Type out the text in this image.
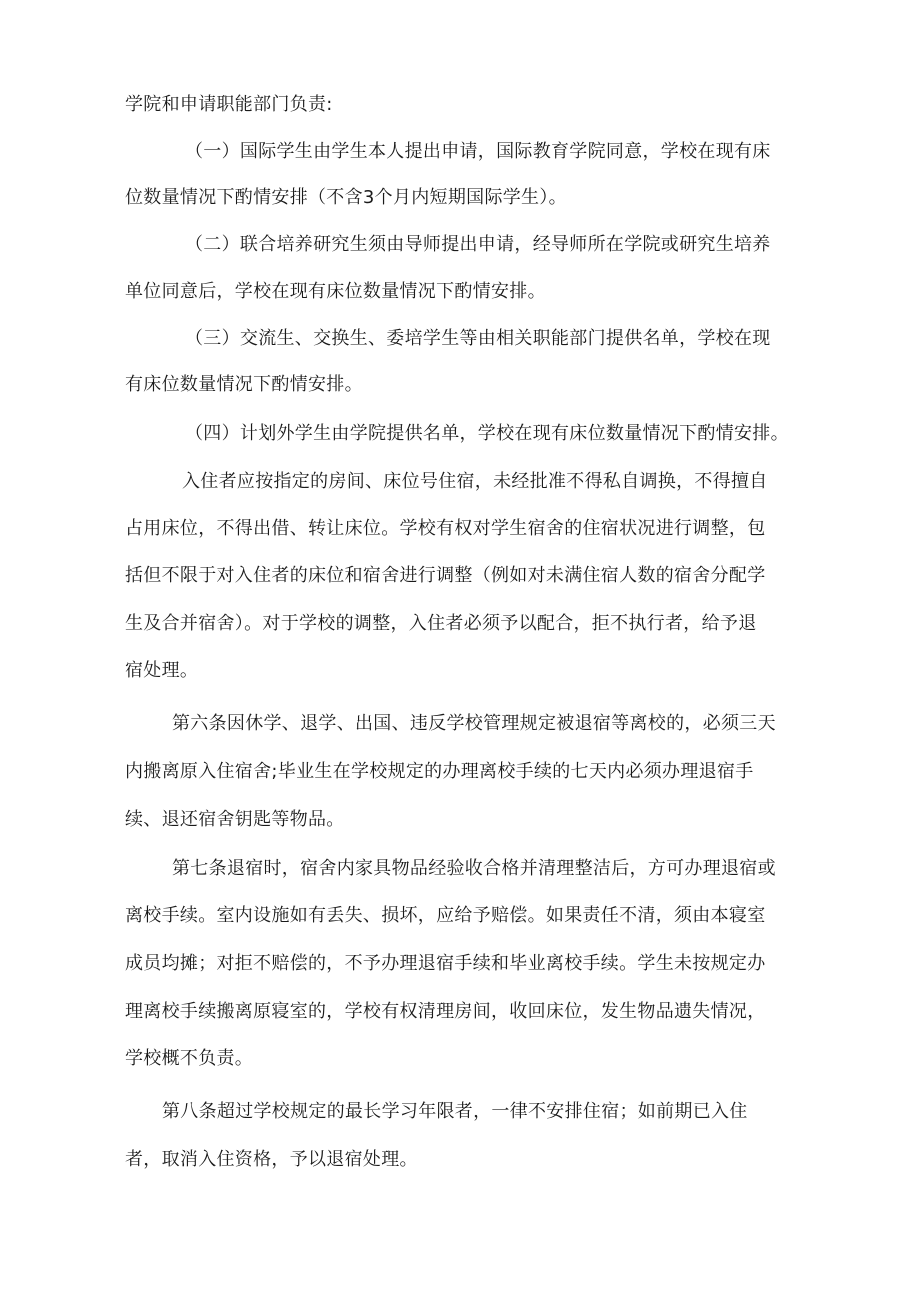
学院和申请职能部门负责:

（一）国际学生由学生本人提出申请，国际教育学院同意，学校在现有床

位数量情况下酌情安排（不含3个月内短期国际学生）。

（二）联合培养研究生须由导师提出申请，经导师所在学院或研究生培养

单位同意后，学校在现有床位数量情况下酌情安排。

（三）交流生、交换生、委培学生等由相关职能部门提供名单，学校在现

有床位数量情况下酌情安排。

（四）计划外学生由学院提供名单，学校在现有床位数量情况下酌情安排。

入住者应按指定的房间、床位号住宿，未经批准不得私自调换，不得擅自

占用床位，不得出借、转让床位。学校有权对学生宿舍的住宿状况进行调整，包

括但不限于对入住者的床位和宿舍进行调整（例如对未满住宿人数的宿舍分配学

生及合并宿舍）。对于学校的调整，入住者必须予以配合，拒不执行者，给予退

宿处理。

第六条因休学、退学、出国、违反学校管理规定被退宿等离校的，必须三天

内搬离原入住宿舍;毕业生在学校规定的办理离校手续的七天内必须办理退宿手

续、退还宿舍钥匙等物品。

第七条退宿时，宿舍内家具物品经验收合格并清理整洁后，方可办理退宿或

离校手续。室内设施如有丢失、损坏，应给予赔偿。如果责任不清，须由本寝室

成员均摊；对拒不赔偿的，不予办理退宿手续和毕业离校手续。学生未按规定办

理离校手续搬离原寝室的，学校有权清理房间，收回床位，发生物品遗失情况，

学校概不负责。

第八条超过学校规定的最长学习年限者，一律不安排住宿；如前期已入住

者，取消入住资格，予以退宿处理。
